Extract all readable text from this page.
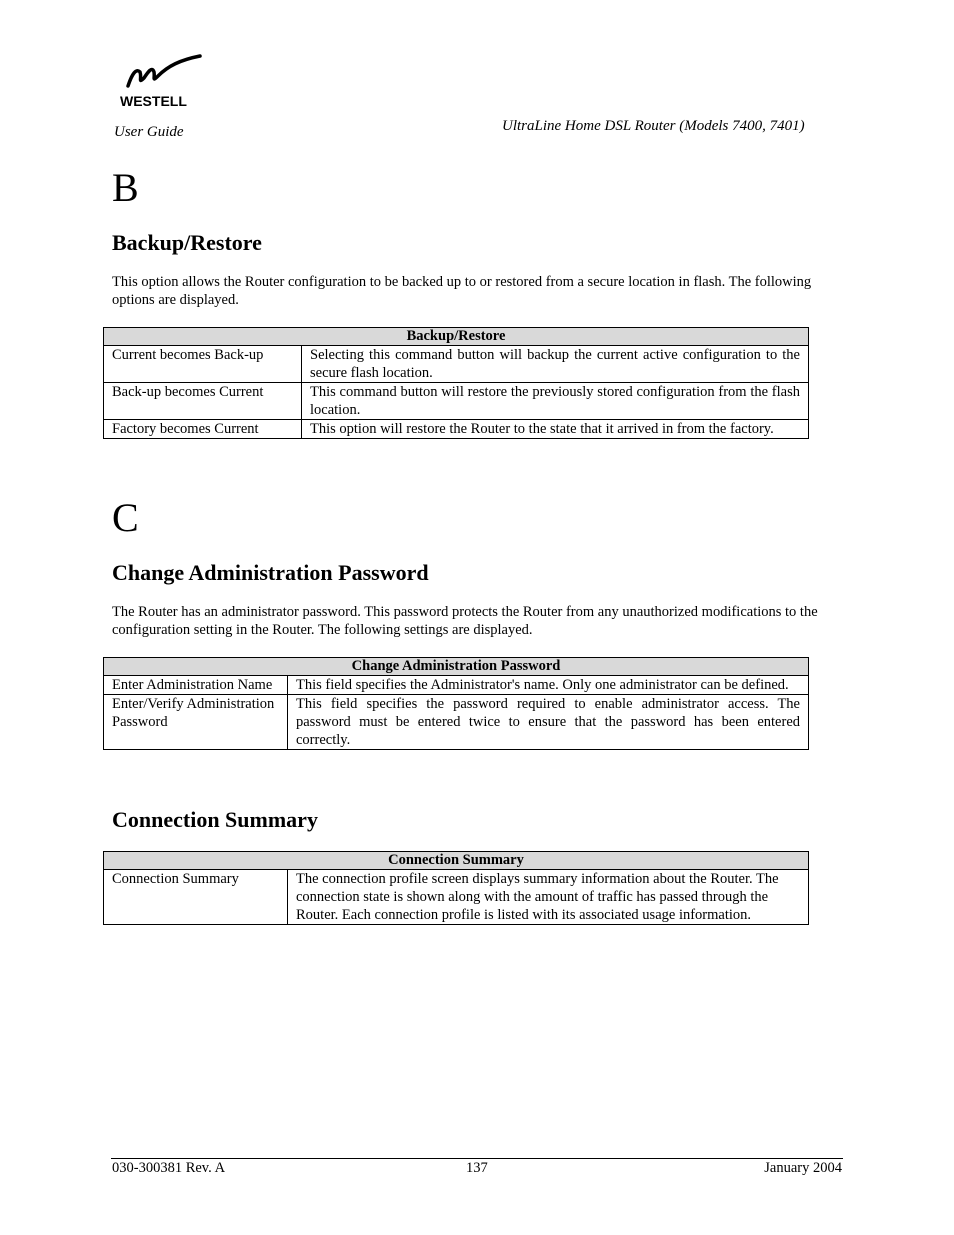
WESTELL
User Guide	UltraLine Home DSL Router (Models 7400, 7401)
B
Backup/Restore
This option allows the Router configuration to be backed up to or restored from a secure location in flash. The following options are displayed.
Backup/Restore	
Current becomes Back-up	Selecting this command button will backup the current active configuration to the secure flash location.
Back-up becomes Current	This command button will restore the previously stored configuration from the flash location.
Factory becomes Current	This option will restore the Router to the state that it arrived in from the factory.
C
Change Administration Password
The Router has an administrator password. This password protects the Router from any unauthorized modifications to the configuration setting in the Router. The following settings are displayed.
Change Administration Password	
Enter Administration Name	This field specifies the Administrator's name. Only one administrator can be defined.
Enter/Verify Administration Password	This field specifies the password required to enable administrator access. The password must be entered twice to ensure that the password has been entered correctly.
Connection Summary
Connection Summary
Connection Summary	The connection profile screen displays summary information about the Router. The connection state is shown along with the amount of traffic has passed through the Router. Each connection profile is listed with its associated usage information.
030-300381 Rev. A	137	January 2004
